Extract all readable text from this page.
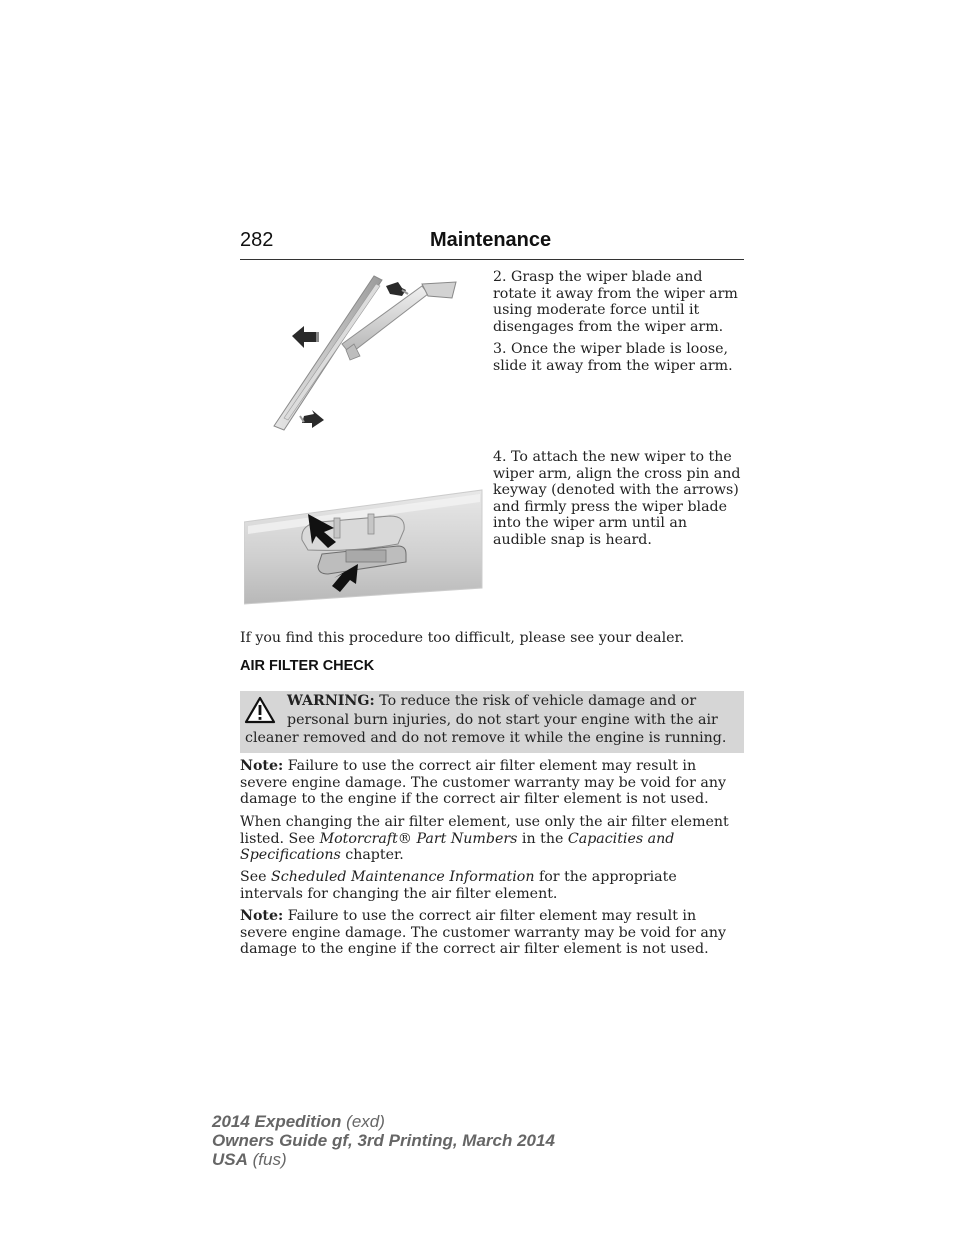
282	Maintenance
2. Grasp the wiper blade and rotate it away from the wiper arm using moderate force until it disengages from the wiper arm.
3. Once the wiper blade is loose, slide it away from the wiper arm.
4. To attach the new wiper to the wiper arm, align the cross pin and keyway (denoted with the arrows) and firmly press the wiper blade into the wiper arm until an audible snap is heard.
If you find this procedure too difficult, please see your dealer.
AIR FILTER CHECK
WARNING: To reduce the risk of vehicle damage and or
personal burn injuries, do not start your engine with the air
cleaner removed and do not remove it while the engine is running.
Note: Failure to use the correct air filter element may result in severe engine damage. The customer warranty may be void for any damage to the engine if the correct air filter element is not used.
When changing the air filter element, use only the air filter element listed. See Motorcraft® Part Numbers in the Capacities and Specifications chapter.
See Scheduled Maintenance Information for the appropriate intervals for changing the air filter element.
Note: Failure to use the correct air filter element may result in severe engine damage. The customer warranty may be void for any damage to the engine if the correct air filter element is not used.
2014 Expedition (exd)
Owners Guide gf, 3rd Printing, March 2014
USA (fus)
